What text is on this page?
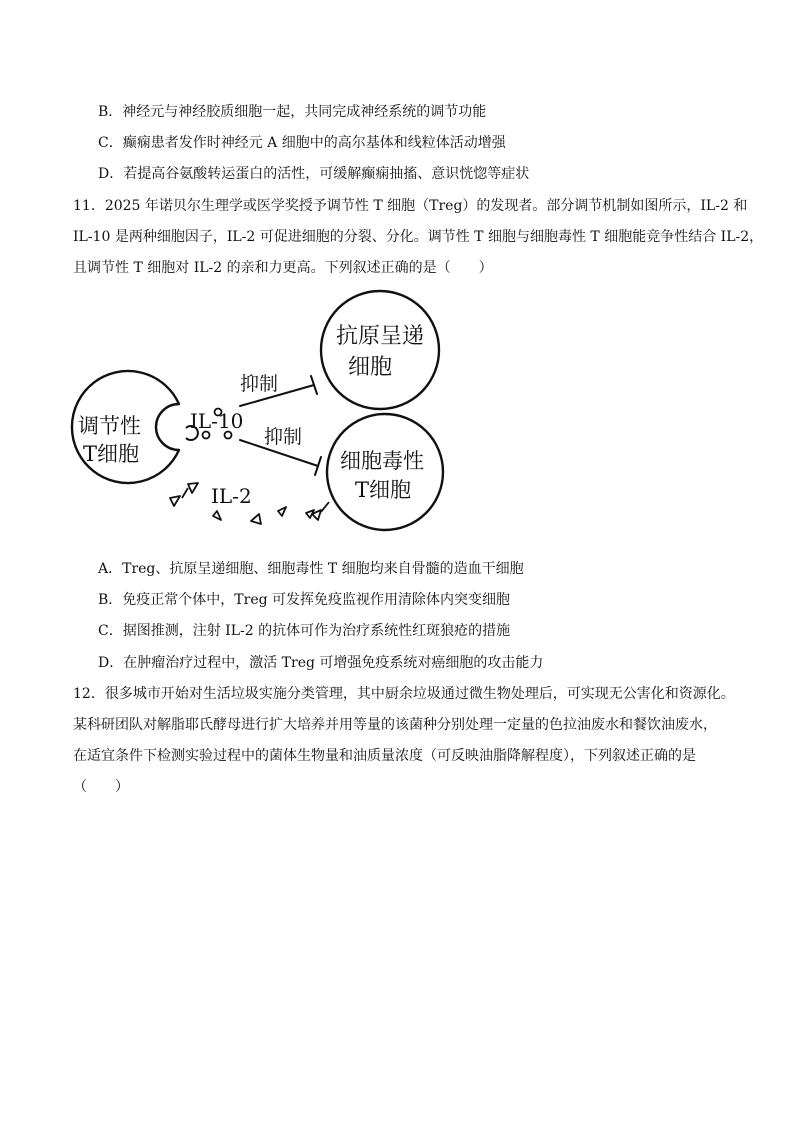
B．神经元与神经胶质细胞一起，共同完成神经系统的调节功能
C．癫痫患者发作时神经元 A 细胞中的高尔基体和线粒体活动增强
D．若提高谷氨酸转运蛋白的活性，可缓解癫痫抽搐、意识恍惚等症状
11．2025 年诺贝尔生理学或医学奖授予调节性 T 细胞（Treg）的发现者。部分调节机制如图所示，IL-2 和
IL-10 是两种细胞因子，IL-2 可促进细胞的分裂、分化。调节性 T 细胞与细胞毒性 T 细胞能竞争性结合 IL-2，
且调节性 T 细胞对 IL-2 的亲和力更高。下列叙述正确的是（　　）
调节性
T细胞
抗原呈递
细胞
细胞毒性
T细胞
IL-10
IL-2
抑制
抑制
A．Treg、抗原呈递细胞、细胞毒性 T 细胞均来自骨髓的造血干细胞
B．免疫正常个体中，Treg 可发挥免疫监视作用清除体内突变细胞
C．据图推测，注射 IL-2 的抗体可作为治疗系统性红斑狼疮的措施
D．在肿瘤治疗过程中，激活 Treg 可增强免疫系统对癌细胞的攻击能力
12．很多城市开始对生活垃圾实施分类管理，其中厨余垃圾通过微生物处理后，可实现无公害化和资源化。
某科研团队对解脂耶氏酵母进行扩大培养并用等量的该菌种分别处理一定量的色拉油废水和餐饮油废水，
在适宜条件下检测实验过程中的菌体生物量和油质量浓度（可反映油脂降解程度），下列叙述正确的是
（　　）
